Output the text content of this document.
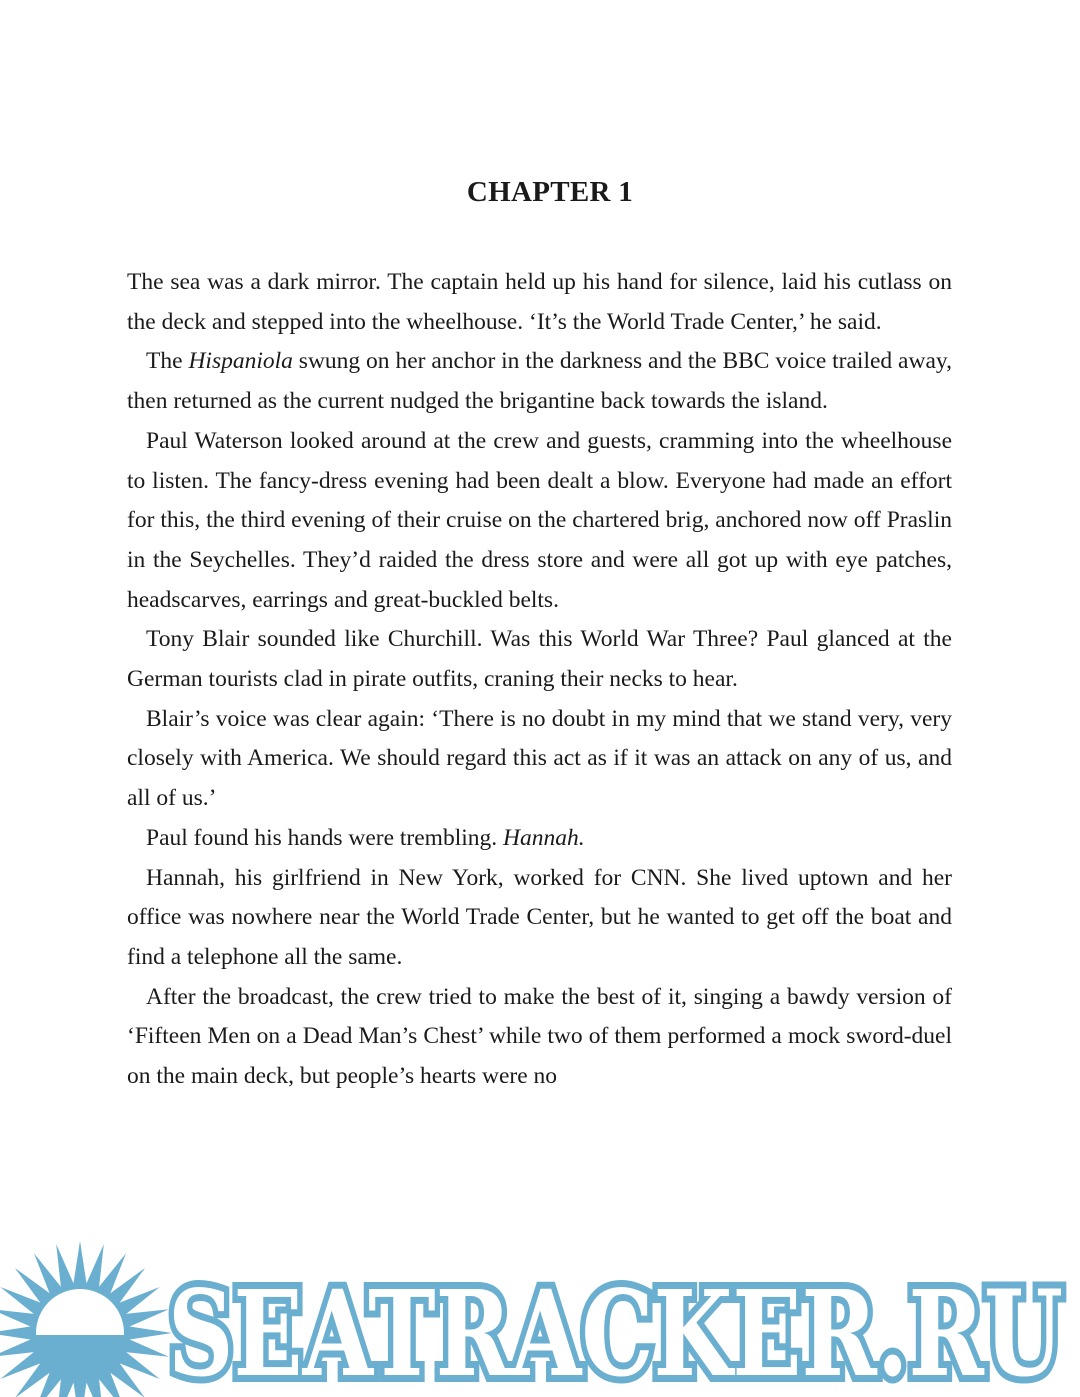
CHAPTER 1

The sea was a dark mirror. The captain held up his hand for silence, laid his cutlass on the deck and stepped into the wheelhouse. ‘It’s the World Trade Center,’ he said.

The Hispaniola swung on her anchor in the darkness and the BBC voice trailed away, then returned as the current nudged the brigantine back towards the island.

Paul Waterson looked around at the crew and guests, cramming into the wheelhouse to listen. The fancy-dress evening had been dealt a blow. Everyone had made an effort for this, the third evening of their cruise on the chartered brig, anchored now off Praslin in the Seychelles. They’d raided the dress store and were all got up with eye patches, headscarves, earrings and great-buckled belts.

Tony Blair sounded like Churchill. Was this World War Three? Paul glanced at the German tourists clad in pirate outfits, craning their necks to hear.

Blair’s voice was clear again: ‘There is no doubt in my mind that we stand very, very closely with America. We should regard this act as if it was an attack on any of us, and all of us.’

Paul found his hands were trembling. Hannah.

Hannah, his girlfriend in New York, worked for CNN. She lived uptown and her office was nowhere near the World Trade Center, but he wanted to get off the boat and find a telephone all the same.

After the broadcast, the crew tried to make the best of it, singing a bawdy version of ‘Fifteen Men on a Dead Man’s Chest’ while two of them performed a mock sword-duel on the main deck, but people’s hearts were no

SEATRACKER.RU
SEATRACKER.RU
